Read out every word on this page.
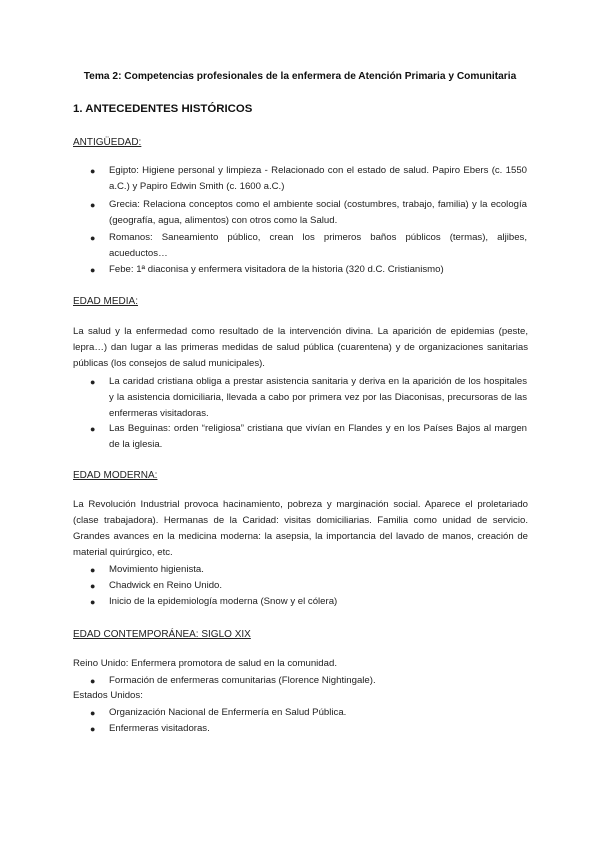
Tema 2: Competencias profesionales de la enfermera de Atención Primaria y Comunitaria
1. ANTECEDENTES HISTÓRICOS
ANTIGÜEDAD:
●	Egipto: Higiene personal y limpieza - Relacionado con el estado de salud. Papiro Ebers (c. 1550 a.C.) y Papiro Edwin Smith (c. 1600 a.C.)

●	Grecia: Relaciona conceptos como el ambiente social (costumbres, trabajo, familia) y la ecología (geografía, agua, alimentos) con otros como la Salud.

●	Romanos: Saneamiento público, crean los primeros baños públicos (termas), aljibes, acueductos…

●	Febe: 1ª diaconisa y enfermera visitadora de la historia (320 d.C. Cristianismo)

EDAD MEDIA:

La salud y la enfermedad como resultado de la intervención divina. La aparición de epidemias (peste, lepra…) dan lugar a las primeras medidas de salud pública (cuarentena) y de organizaciones sanitarias públicas (los consejos de salud municipales).

●	La caridad cristiana obliga a prestar asistencia sanitaria y deriva en la aparición de los hospitales y la asistencia domiciliaria, llevada a cabo por primera vez por las Diaconisas, precursoras de las enfermeras visitadoras.

●	Las Beguinas: orden “religiosa” cristiana que vivían en Flandes y en los Países Bajos al margen de la iglesia.

EDAD MODERNA:

La Revolución Industrial provoca hacinamiento, pobreza y marginación social. Aparece el proletariado (clase trabajadora). Hermanas de la Caridad: visitas domiciliarias. Familia como unidad de servicio. Grandes avances en la medicina moderna: la asepsia, la importancia del lavado de manos, creación de material quirúrgico, etc.

●	Movimiento higienista.

●	Chadwick en Reino Unido.

●	Inicio de la epidemiología moderna (Snow y el cólera)

EDAD CONTEMPORÁNEA: SIGLO XIX

Reino Unido: Enfermera promotora de salud en la comunidad.

●	Formación de enfermeras comunitarias (Florence Nightingale).

Estados Unidos:

●	Organización Nacional de Enfermería en Salud Pública.

●	Enfermeras visitadoras.
